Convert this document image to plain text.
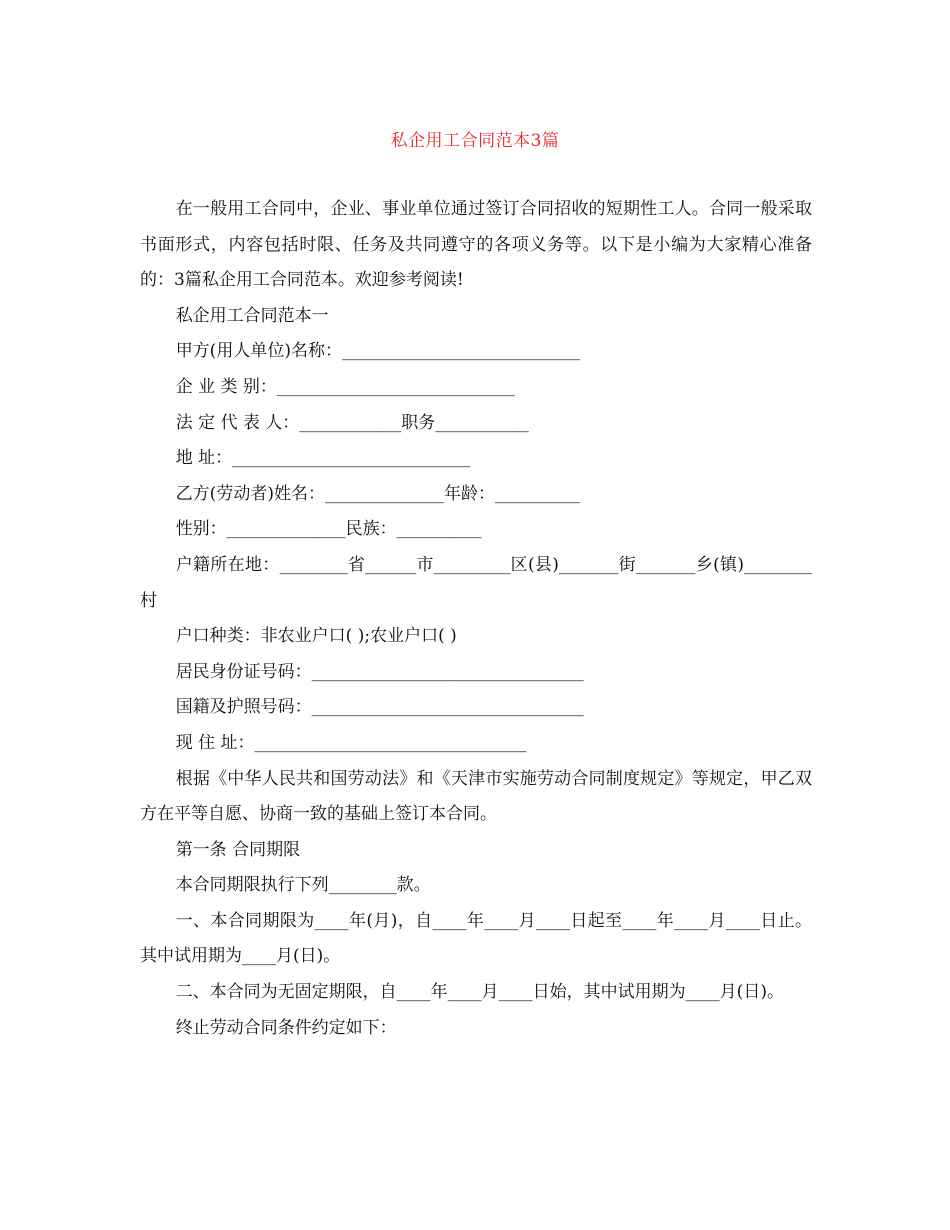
私企用工合同范本3篇

在一般用工合同中，企业、事业单位通过签订合同招收的短期性工人。合同一般采取书面形式，内容包括时限、任务及共同遵守的各项义务等。以下是小编为大家精心准备的：3篇私企用工合同范本。欢迎参考阅读!

私企用工合同范本一

甲方(用人单位)名称：____________________________

企 业 类 别：____________________________

法 定 代 表 人：____________职务___________

地 址：____________________________

乙方(劳动者)姓名：______________年龄：__________

性别：______________民族：__________

户籍所在地：________省______市_________区(县)_______街_______乡(镇)________村

户口种类：非农业户口( );农业户口( )

居民身份证号码：________________________________

国籍及护照号码：________________________________

现 住 址：________________________________

根据《中华人民共和国劳动法》和《天津市实施劳动合同制度规定》等规定，甲乙双方在平等自愿、协商一致的基础上签订本合同。

第一条 合同期限

本合同期限执行下列________款。

一、本合同期限为____年(月)，自____年____月____日起至____年____月____日止。其中试用期为____月(日)。

二、本合同为无固定期限，自____年____月____日始，其中试用期为____月(日)。

终止劳动合同条件约定如下：
